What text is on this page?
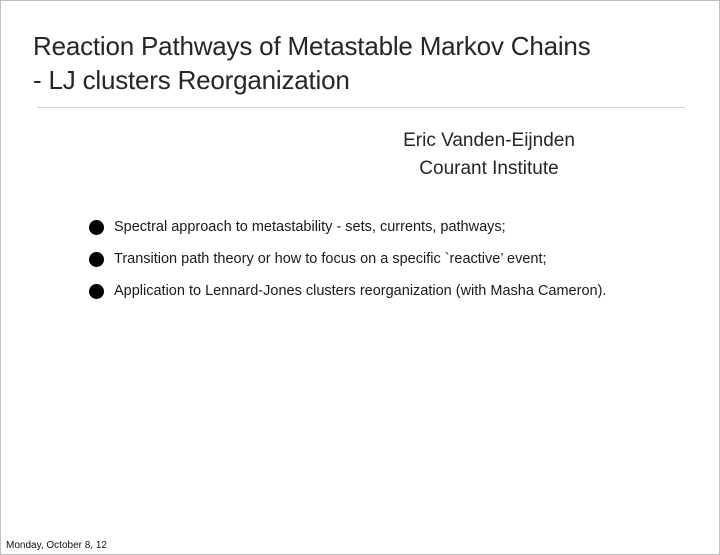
Reaction Pathways of Metastable Markov Chains
- LJ clusters Reorganization
Eric Vanden-Eijnden
Courant Institute
Spectral approach to metastability - sets, currents, pathways;
Transition path theory or how to focus on a specific `reactive’ event;
Application to Lennard-Jones clusters reorganization (with Masha Cameron).
Monday, October 8, 12
